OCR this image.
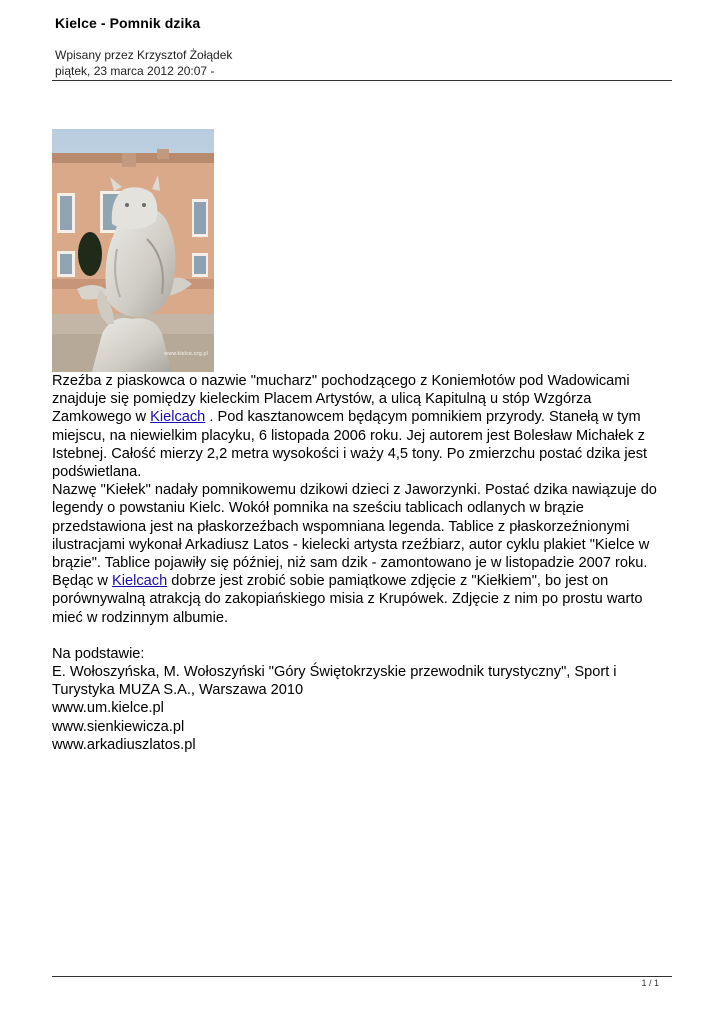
Kielce - Pomnik dzika
Wpisany przez Krzysztof Żołądek
piątek, 23 marca 2012 20:07 -
www.kielce.org.pl

Rzeźba z piaskowca o nazwie "mucharz" pochodzącego z Koniemłotów pod Wadowicami znajduje się pomiędzy kieleckim Placem Artystów, a ulicą Kapitulną u stóp Wzgórza Zamkowego w Kielcach . Pod kasztanowcem będącym pomnikiem przyrody. Stanełą w tym miejscu, na niewielkim placyku, 6 listopada 2006 roku. Jej autorem jest Bolesław Michałek z Istebnej. Całość mierzy 2,2 metra wysokości i waży 4,5 tony. Po zmierzchu postać dzika jest podświetlana.

Nazwę "Kiełek" nadały pomnikowemu dzikowi dzieci z Jaworzynki. Postać dzika nawiązuje do legendy o powstaniu Kielc. Wokół pomnika na sześciu tablicach odlanych w brązie przedstawiona jest na płaskorzeźbach wspomniana legenda. Tablice z płaskorzeźnionymi ilustracjami wykonał Arkadiusz Latos - kielecki artysta rzeźbiarz, autor cyklu plakiet "Kielce w brązie". Tablice pojawiły się później, niż sam dzik - zamontowano je w listopadzie 2007 roku. Będąc w Kielcach dobrze jest zrobić sobie pamiątkowe zdjęcie z "Kiełkiem", bo jest on porównywalną atrakcją do zakopiańskiego misia z Krupówek. Zdjęcie z nim po prostu warto mieć w rodzinnym albumie.

Na podstawie:

E. Wołoszyńska, M. Wołoszyński "Góry Świętokrzyskie przewodnik turystyczny", Sport i Turystyka MUZA S.A., Warszawa 2010

www.um.kielce.pl

www.sienkiewicza.pl

www.arkadiuszlatos.pl

1 / 1
